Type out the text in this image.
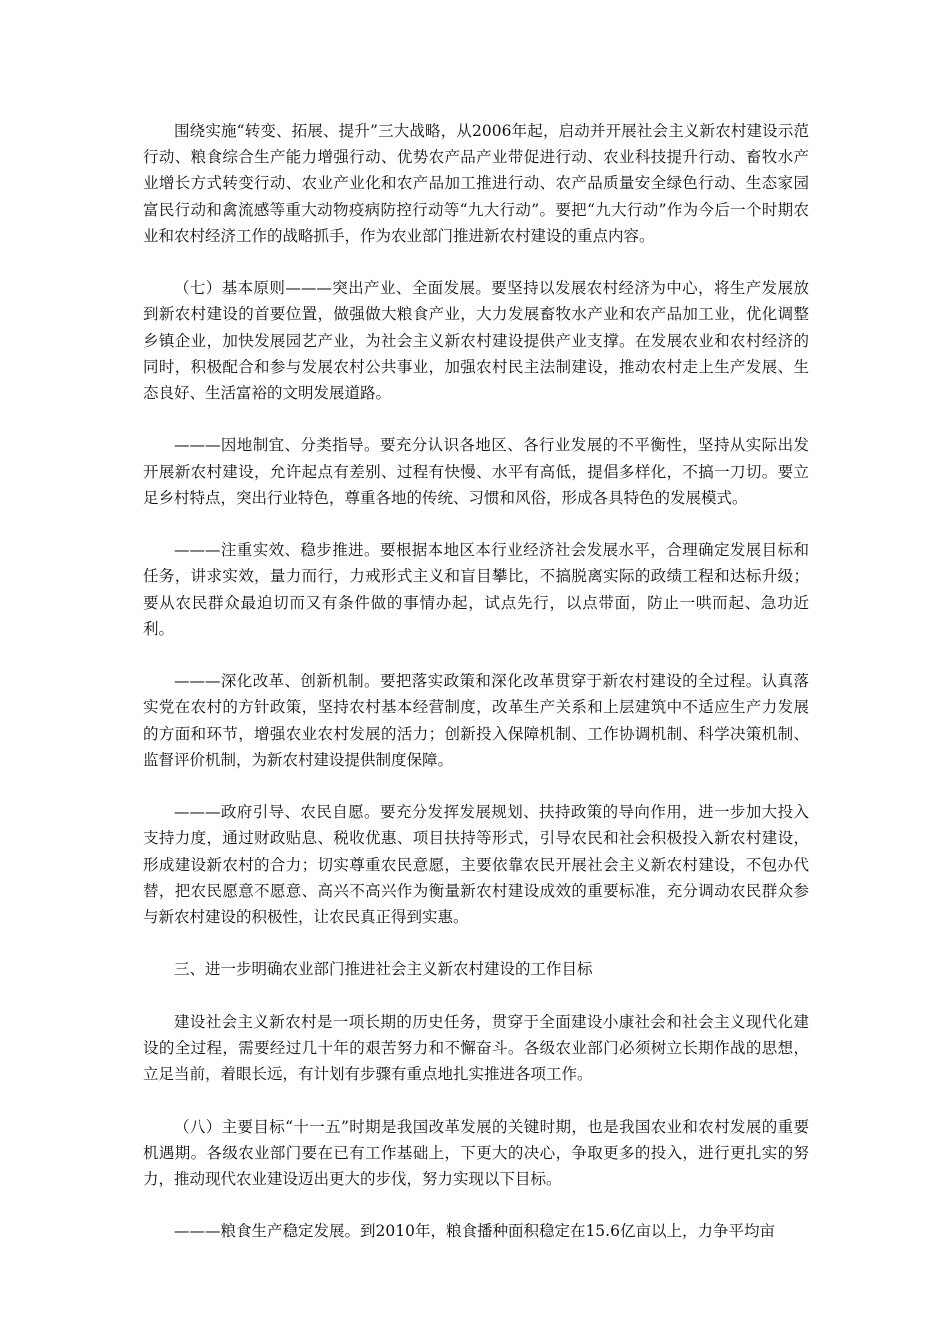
围绕实施“转变、拓展、提升”三大战略，从2006年起，启动并开展社会主义新农村建设示范行动、粮食综合生产能力增强行动、优势农产品产业带促进行动、农业科技提升行动、畜牧水产业增长方式转变行动、农业产业化和农产品加工推进行动、农产品质量安全绿色行动、生态家园富民行动和禽流感等重大动物疫病防控行动等“九大行动”。要把“九大行动”作为今后一个时期农业和农村经济工作的战略抓手，作为农业部门推进新农村建设的重点内容。

（七）基本原则———突出产业、全面发展。要坚持以发展农村经济为中心，将生产发展放到新农村建设的首要位置，做强做大粮食产业，大力发展畜牧水产业和农产品加工业，优化调整乡镇企业，加快发展园艺产业，为社会主义新农村建设提供产业支撑。在发展农业和农村经济的同时，积极配合和参与发展农村公共事业，加强农村民主法制建设，推动农村走上生产发展、生态良好、生活富裕的文明发展道路。

———因地制宜、分类指导。要充分认识各地区、各行业发展的不平衡性，坚持从实际出发开展新农村建设，允许起点有差别、过程有快慢、水平有高低，提倡多样化，不搞一刀切。要立足乡村特点，突出行业特色，尊重各地的传统、习惯和风俗，形成各具特色的发展模式。

———注重实效、稳步推进。要根据本地区本行业经济社会发展水平，合理确定发展目标和任务，讲求实效，量力而行，力戒形式主义和盲目攀比，不搞脱离实际的政绩工程和达标升级；要从农民群众最迫切而又有条件做的事情办起，试点先行，以点带面，防止一哄而起、急功近利。

———深化改革、创新机制。要把落实政策和深化改革贯穿于新农村建设的全过程。认真落实党在农村的方针政策，坚持农村基本经营制度，改革生产关系和上层建筑中不适应生产力发展的方面和环节，增强农业农村发展的活力；创新投入保障机制、工作协调机制、科学决策机制、监督评价机制，为新农村建设提供制度保障。

———政府引导、农民自愿。要充分发挥发展规划、扶持政策的导向作用，进一步加大投入支持力度，通过财政贴息、税收优惠、项目扶持等形式，引导农民和社会积极投入新农村建设，形成建设新农村的合力；切实尊重农民意愿，主要依靠农民开展社会主义新农村建设，不包办代替，把农民愿意不愿意、高兴不高兴作为衡量新农村建设成效的重要标准，充分调动农民群众参与新农村建设的积极性，让农民真正得到实惠。

三、进一步明确农业部门推进社会主义新农村建设的工作目标

建设社会主义新农村是一项长期的历史任务，贯穿于全面建设小康社会和社会主义现代化建设的全过程，需要经过几十年的艰苦努力和不懈奋斗。各级农业部门必须树立长期作战的思想，立足当前，着眼长远，有计划有步骤有重点地扎实推进各项工作。

（八）主要目标“十一五”时期是我国改革发展的关键时期，也是我国农业和农村发展的重要机遇期。各级农业部门要在已有工作基础上，下更大的决心，争取更多的投入，进行更扎实的努力，推动现代农业建设迈出更大的步伐，努力实现以下目标。

———粮食生产稳定发展。到2010年，粮食播种面积稳定在15.6亿亩以上，力争平均亩
